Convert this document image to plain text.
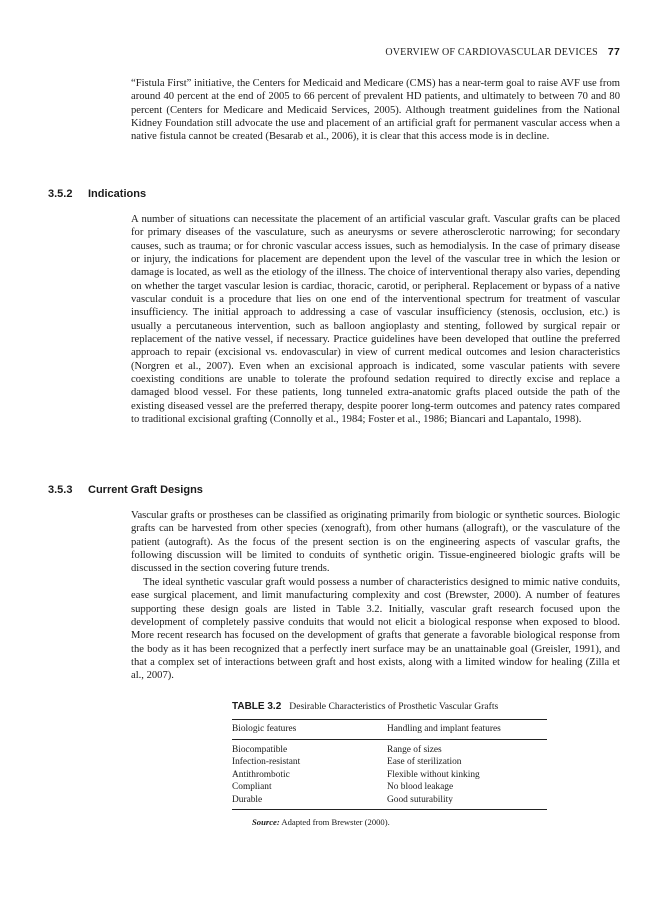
OVERVIEW OF CARDIOVASCULAR DEVICES 77

“Fistula First” initiative, the Centers for Medicaid and Medicare (CMS) has a near-term goal to raise AVF use from around 40 percent at the end of 2005 to 66 percent of prevalent HD patients, and ultimately to between 70 and 80 percent (Centers for Medicare and Medicaid Services, 2005). Although treatment guidelines from the National Kidney Foundation still advocate the use and placement of an artificial graft for permanent vascular access when a native fistula cannot be created (Besarab et al., 2006), it is clear that this access mode is in decline.

3.5.2 Indications

A number of situations can necessitate the placement of an artificial vascular graft. Vascular grafts can be placed for primary diseases of the vasculature, such as aneurysms or severe atherosclerotic narrowing; for secondary causes, such as trauma; or for chronic vascular access issues, such as hemodialysis. In the case of primary disease or injury, the indications for placement are dependent upon the level of the vascular tree in which the lesion or damage is located, as well as the etiology of the illness. The choice of interventional therapy also varies, depending on whether the target vascular lesion is cardiac, thoracic, carotid, or peripheral. Replacement or bypass of a native vascular conduit is a procedure that lies on one end of the interventional spectrum for treatment of vascular insufficiency. The initial approach to addressing a case of vascular insufficiency (stenosis, occlusion, etc.) is usually a percutaneous intervention, such as balloon angioplasty and stenting, followed by surgical repair or replacement of the native vessel, if necessary. Practice guidelines have been developed that outline the preferred approach to repair (excisional vs. endovascular) in view of current medical outcomes and lesion characteristics (Norgren et al., 2007). Even when an excisional approach is indicated, some vascular patients with severe coexisting conditions are unable to tolerate the profound sedation required to directly excise and replace a damaged blood vessel. For these patients, long tunneled extra-anatomic grafts placed outside the path of the existing diseased vessel are the preferred therapy, despite poorer long-term outcomes and patency rates compared to traditional excisional grafting (Connolly et al., 1984; Foster et al., 1986; Biancari and Lapantalo, 1998).

3.5.3 Current Graft Designs

Vascular grafts or prostheses can be classified as originating primarily from biologic or synthetic sources. Biologic grafts can be harvested from other species (xenograft), from other humans (allograft), or the vasculature of the patient (autograft). As the focus of the present section is on the engineering aspects of vascular grafts, the following discussion will be limited to conduits of synthetic origin. Tissue-engineered biologic grafts will be discussed in the section covering future trends.

The ideal synthetic vascular graft would possess a number of characteristics designed to mimic native conduits, ease surgical placement, and limit manufacturing complexity and cost (Brewster, 2000). A number of features supporting these design goals are listed in Table 3.2. Initially, vascular graft research focused upon the development of completely passive conduits that would not elicit a biological response when exposed to blood. More recent research has focused on the development of grafts that generate a favorable biological response from the body as it has been recognized that a perfectly inert surface may be an unattainable goal (Greisler, 1991), and that a complex set of interactions between graft and host exists, along with a limited window for healing (Zilla et al., 2007).

TABLE 3.2 Desirable Characteristics of Prosthetic Vascular Grafts

Biologic features	Handling and implant features
Biocompatible	Range of sizes
Infection-resistant	Ease of sterilization
Antithrombotic	Flexible without kinking
Compliant	No blood leakage
Durable	Good suturability

Source: Adapted from Brewster (2000).
